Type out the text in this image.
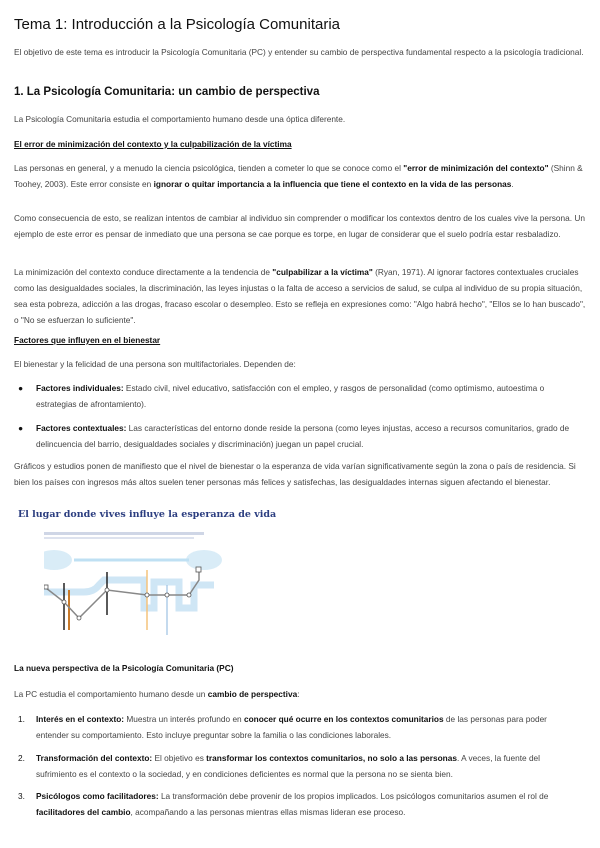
Tema 1: Introducción a la Psicología Comunitaria
El objetivo de este tema es introducir la Psicología Comunitaria (PC) y entender su cambio de perspectiva fundamental respecto a la psicología tradicional.
1. La Psicología Comunitaria: un cambio de perspectiva
La Psicología Comunitaria estudia el comportamiento humano desde una óptica diferente.
El error de minimización del contexto y la culpabilización de la víctima
Las personas en general, y a menudo la ciencia psicológica, tienden a cometer lo que se conoce como el "error de minimización del contexto" (Shinn & Toohey, 2003). Este error consiste en ignorar o quitar importancia a la influencia que tiene el contexto en la vida de las personas.
Como consecuencia de esto, se realizan intentos de cambiar al individuo sin comprender o modificar los contextos dentro de los cuales vive la persona. Un ejemplo de este error es pensar de inmediato que una persona se cae porque es torpe, en lugar de considerar que el suelo podría estar resbaladizo.
La minimización del contexto conduce directamente a la tendencia de "culpabilizar a la víctima" (Ryan, 1971). Al ignorar factores contextuales cruciales como las desigualdades sociales, la discriminación, las leyes injustas o la falta de acceso a servicios de salud, se culpa al individuo de su propia situación, sea esta pobreza, adicción a las drogas, fracaso escolar o desempleo. Esto se refleja en expresiones como: "Algo habrá hecho", "Ellos se lo han buscado", o "No se esfuerzan lo suficiente".
Factores que influyen en el bienestar
El bienestar y la felicidad de una persona son multifactoriales. Dependen de:
● Factores individuales: Estado civil, nivel educativo, satisfacción con el empleo, y rasgos de personalidad (como optimismo, autoestima o estrategias de afrontamiento).
● Factores contextuales: Las características del entorno donde reside la persona (como leyes injustas, acceso a recursos comunitarios, grado de delincuencia del barrio, desigualdades sociales y discriminación) juegan un papel crucial.
Gráficos y estudios ponen de manifiesto que el nivel de bienestar o la esperanza de vida varían significativamente según la zona o país de residencia. Si bien los países con ingresos más altos suelen tener personas más felices y satisfechas, las desigualdades internas siguen afectando el bienestar.
El lugar donde vives influye la esperanza de vida
La nueva perspectiva de la Psicología Comunitaria (PC)
La PC estudia el comportamiento humano desde un cambio de perspectiva:
1. Interés en el contexto: Muestra un interés profundo en conocer qué ocurre en los contextos comunitarios de las personas para poder entender su comportamiento. Esto incluye preguntar sobre la familia o las condiciones laborales.
2. Transformación del contexto: El objetivo es transformar los contextos comunitarios, no solo a las personas. A veces, la fuente del sufrimiento es el contexto o la sociedad, y en condiciones deficientes es normal que la persona no se sienta bien.
3. Psicólogos como facilitadores: La transformación debe provenir de los propios implicados. Los psicólogos comunitarios asumen el rol de facilitadores del cambio, acompañando a las personas mientras ellas mismas lideran ese proceso.
